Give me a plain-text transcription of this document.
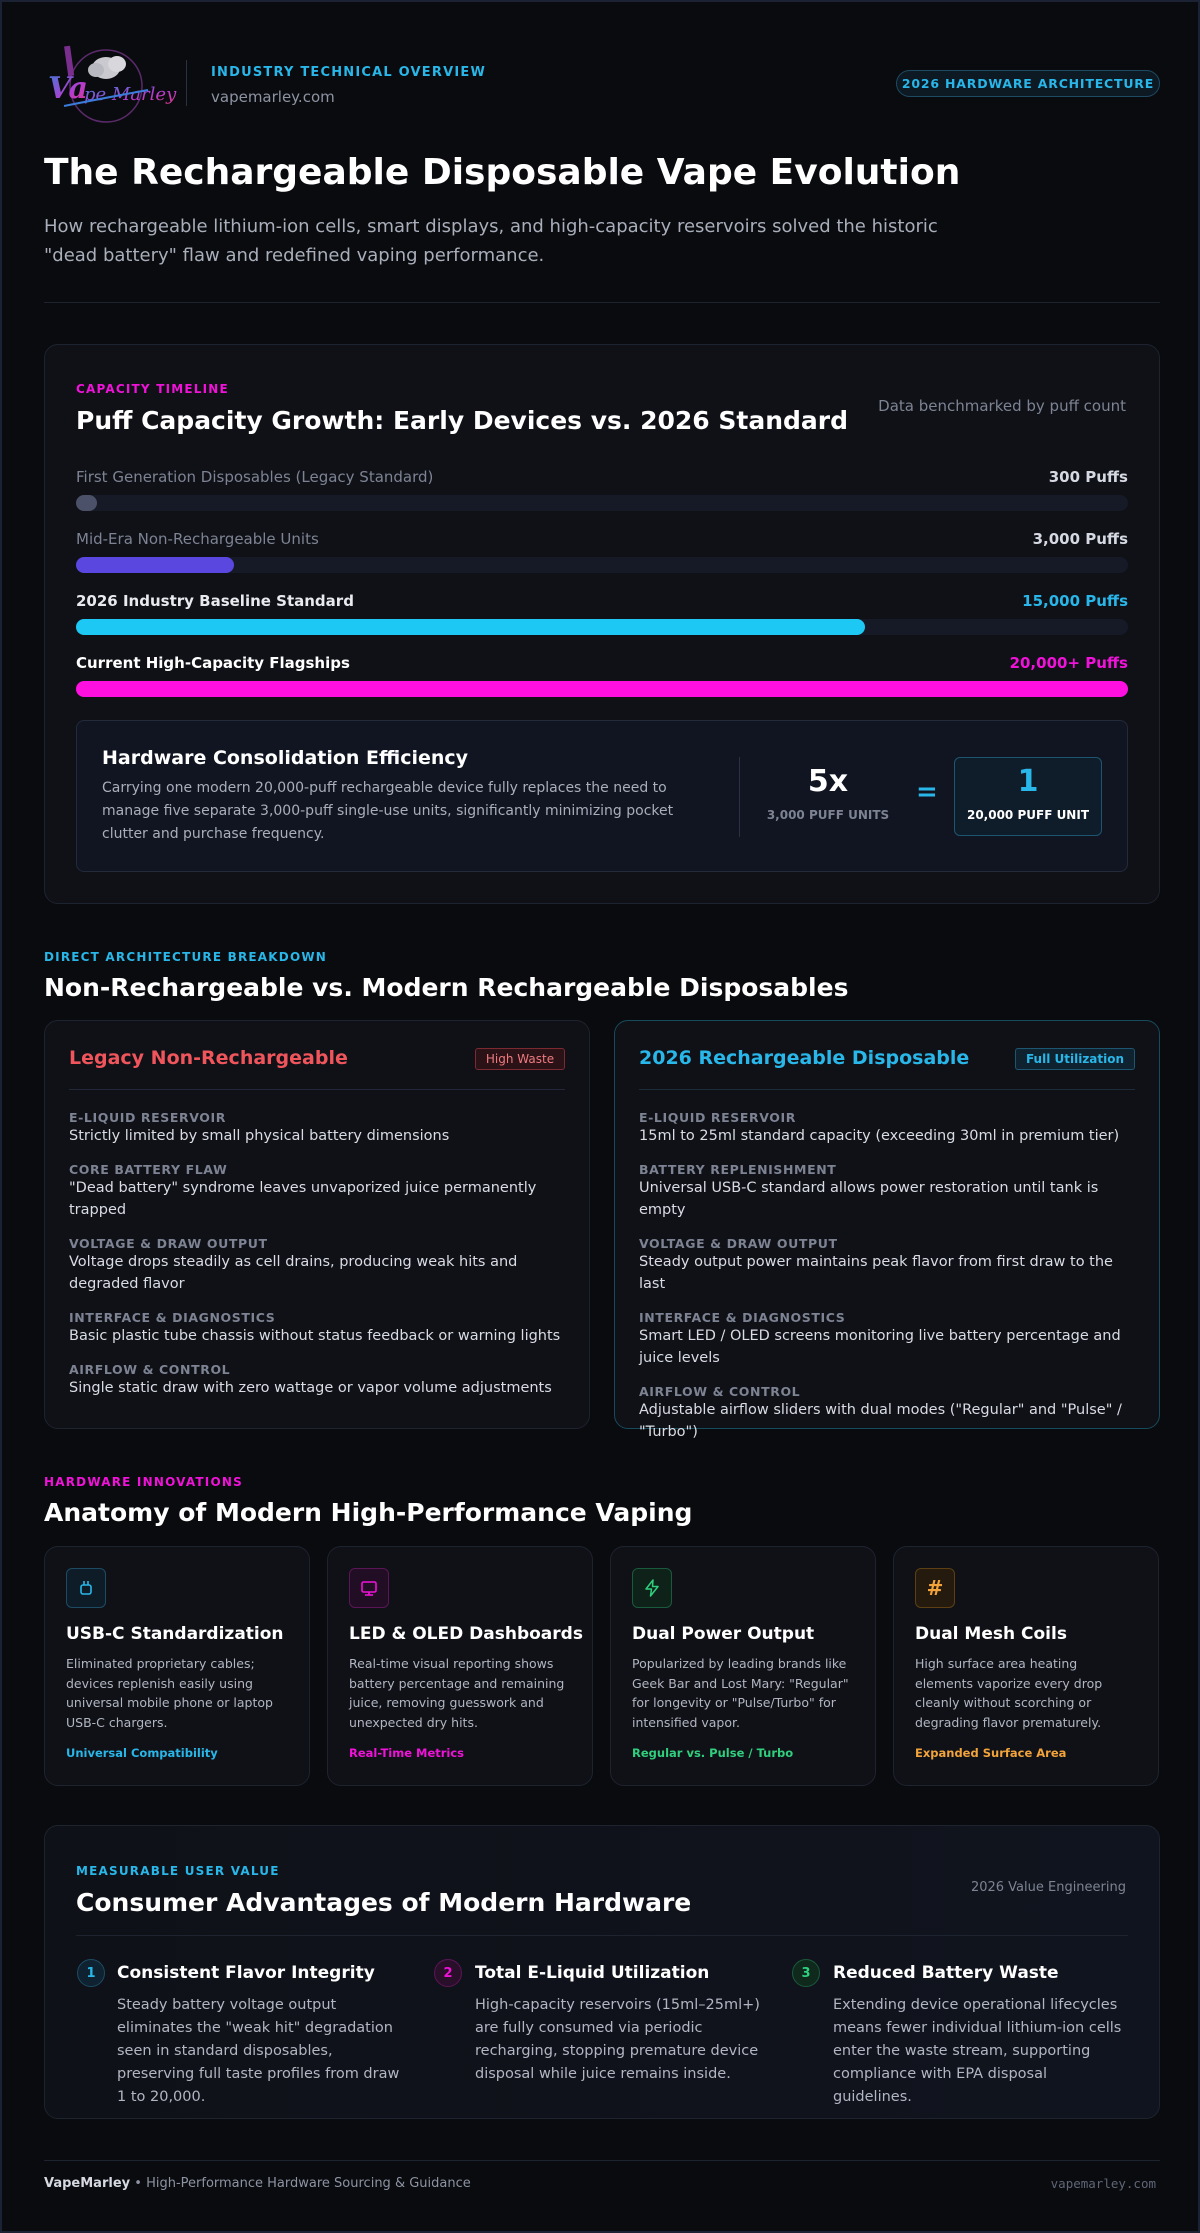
Va
pe Marley
INDUSTRY TECHNICAL OVERVIEW
vapemarley.com
2026 HARDWARE ARCHITECTURE
The Rechargeable Disposable Vape Evolution
How rechargeable lithium-ion cells, smart displays, and high-capacity reservoirs solved the historic "dead battery" flaw and redefined vaping performance.
CAPACITY TIMELINE
Puff Capacity Growth: Early Devices vs. 2026 Standard Data benchmarked by puff count
First Generation Disposables (Legacy Standard)	300 Puffs
Mid-Era Non-Rechargeable Units	3,000 Puffs
2026 Industry Baseline Standard	15,000 Puffs
Current High-Capacity Flagships	20,000+ Puffs
Hardware Consolidation Efficiency
Carrying one modern 20,000-puff rechargeable device fully replaces the need to manage five separate 3,000-puff single-use units, significantly minimizing pocket clutter and purchase frequency.
5x
3,000 PUFF UNITS
=	1
20,000 PUFF UNIT
DIRECT ARCHITECTURE BREAKDOWN
Non-Rechargeable vs. Modern Rechargeable Disposables
Legacy Non-Rechargeable	High Waste
E-LIQUID RESERVOIR
Strictly limited by small physical battery dimensions
CORE BATTERY FLAW
"Dead battery" syndrome leaves unvaporized juice permanently trapped
VOLTAGE & DRAW OUTPUT
Voltage drops steadily as cell drains, producing weak hits and degraded flavor
INTERFACE & DIAGNOSTICS
Basic plastic tube chassis without status feedback or warning lights
AIRFLOW & CONTROL
Single static draw with zero wattage or vapor volume adjustments
2026 Rechargeable Disposable	Full Utilization
E-LIQUID RESERVOIR
15ml to 25ml standard capacity (exceeding 30ml in premium tier)
BATTERY REPLENISHMENT
Universal USB-C standard allows power restoration until tank is empty
VOLTAGE & DRAW OUTPUT
Steady output power maintains peak flavor from first draw to the last
INTERFACE & DIAGNOSTICS
Smart LED / OLED screens monitoring live battery percentage and juice levels
AIRFLOW & CONTROL
Adjustable airflow sliders with dual modes ("Regular" and "Pulse" / "Turbo")
HARDWARE INNOVATIONS
Anatomy of Modern High-Performance Vaping
USB-C Standardization
Eliminated proprietary cables; devices replenish easily using universal mobile phone or laptop USB-C chargers.
Universal Compatibility
LED & OLED Dashboards
Real-time visual reporting shows battery percentage and remaining juice, removing guesswork and unexpected dry hits.
Real-Time Metrics
Dual Power Output
Popularized by leading brands like Geek Bar and Lost Mary: "Regular" for longevity or "Pulse/Turbo" for intensified vapor.
Regular vs. Pulse / Turbo
#
Dual Mesh Coils
High surface area heating elements vaporize every drop cleanly without scorching or degrading flavor prematurely.
Expanded Surface Area
MEASURABLE USER VALUE
Consumer Advantages of Modern Hardware
2026 Value Engineering
1	Consistent Flavor Integrity
Steady battery voltage output eliminates the "weak hit" degradation seen in standard disposables, preserving full taste profiles from draw 1 to 20,000.
2	Total E-Liquid Utilization
High-capacity reservoirs (15ml–25ml+) are fully consumed via periodic recharging, stopping premature device disposal while juice remains inside.
3	Reduced Battery Waste
Extending device operational lifecycles means fewer individual lithium-ion cells enter the waste stream, supporting compliance with EPA disposal guidelines.
VapeMarley • High-Performance Hardware Sourcing & Guidance	vapemarley.com
